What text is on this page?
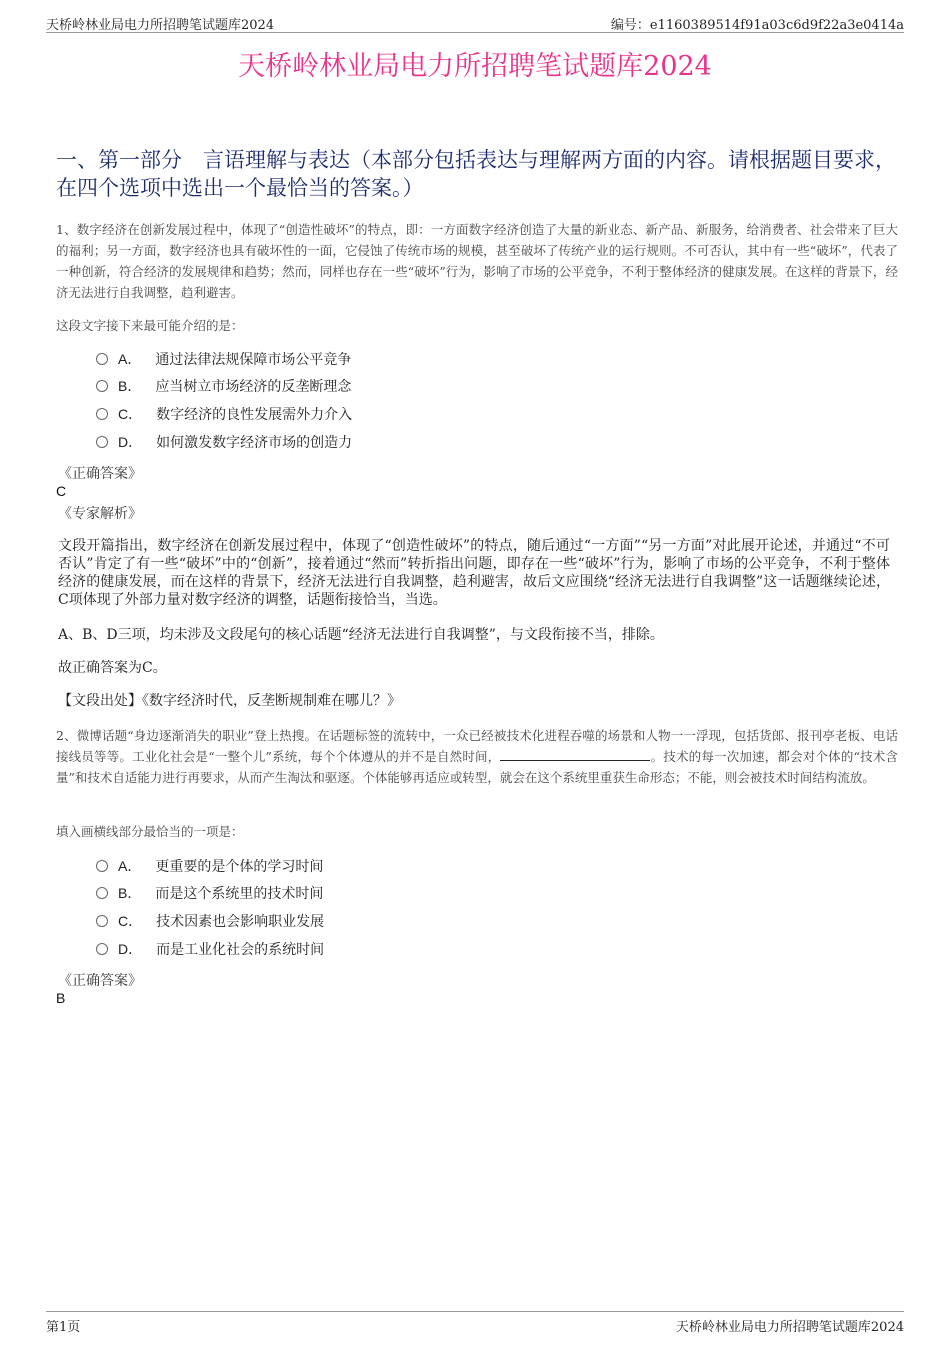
天桥岭林业局电力所招聘笔试题库2024	编号：e1160389514f91a03c6d9f22a3e0414a
天桥岭林业局电力所招聘笔试题库2024
一、第一部分　言语理解与表达（本部分包括表达与理解两方面的内容。请根据题目要求，在四个选项中选出一个最恰当的答案。）
1、数字经济在创新发展过程中，体现了“创造性破坏”的特点，即：一方面数字经济创造了大量的新业态、新产品、新服务，给消费者、社会带来了巨大的福利；另一方面，数字经济也具有破坏性的一面，它侵蚀了传统市场的规模，甚至破坏了传统产业的运行规则。不可否认，其中有一些“破坏”，代表了一种创新，符合经济的发展规律和趋势；然而，同样也存在一些“破坏”行为，影响了市场的公平竞争，不利于整体经济的健康发展。在这样的背景下，经济无法进行自我调整，趋利避害。
这段文字接下来最可能介绍的是：
A． 通过法律法规保障市场公平竞争
B． 应当树立市场经济的反垄断理念
C． 数字经济的良性发展需外力介入
D． 如何激发数字经济市场的创造力
《正确答案》
C
《专家解析》
文段开篇指出，数字经济在创新发展过程中，体现了“创造性破坏”的特点，随后通过“一方面”“另一方面”对此展开论述，并通过“不可否认”肯定了有一些“破坏”中的“创新”，接着通过“然而”转折指出问题，即存在一些“破坏”行为，影响了市场的公平竞争，不利于整体经济的健康发展，而在这样的背景下，经济无法进行自我调整，趋利避害，故后文应围绕“经济无法进行自我调整”这一话题继续论述，C项体现了外部力量对数字经济的调整，话题衔接恰当，当选。
A、B、D三项，均未涉及文段尾句的核心话题“经济无法进行自我调整”，与文段衔接不当，排除。
故正确答案为C。
【文段出处】《数字经济时代，反垄断规制难在哪儿？》
2、微博话题“身边逐渐消失的职业”登上热搜。在话题标签的流转中，一众已经被技术化进程吞噬的场景和人物一一浮现，包括货郎、报刊亭老板、电话接线员等等。工业化社会是“一整个儿”系统，每个个体遵从的并不是自然时间，	。技术的每一次加速，都会对个体的“技术含量”和技术自适能力进行再要求，从而产生淘汰和驱逐。个体能够再适应或转型，就会在这个系统里重获生命形态；不能，则会被技术时间结构流放。
填入画横线部分最恰当的一项是：
A． 更重要的是个体的学习时间
B． 而是这个系统里的技术时间
C． 技术因素也会影响职业发展
D． 而是工业化社会的系统时间
《正确答案》
B
第1页	天桥岭林业局电力所招聘笔试题库2024
